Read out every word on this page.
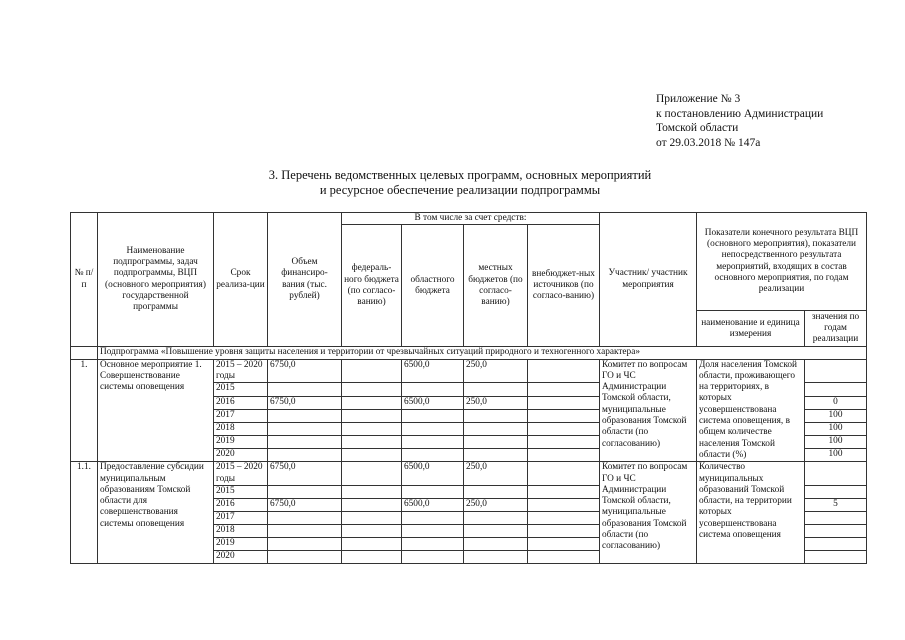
Приложение № 3
к постановлению Администрации
Томской области
от 29.03.2018 № 147а
3. Перечень ведомственных целевых программ, основных мероприятий
и ресурсное обеспечение реализации подпрограммы
№ п/п	Наименование подпрограммы, задач подпрограммы, ВЦП (основного мероприятия) государственной программы	Срок реализа-ции	Объем финансиро-вания (тыс. рублей)	В том числе за счет средств:				Участник/ участник мероприятия	Показатели конечного результата ВЦП (основного мероприятия), показатели непосредственного результата мероприятий, входящих в состав основного мероприятия, по годам реализации	
				федераль-ного бюджета (по согласо-ванию)	областного бюджета	местных бюджетов (по согласо-ванию)	внебюджет-ных источников (по согласо-ванию)			
									наименование и единица измерения	значения по годам реализации
	Подпрограмма «Повышение уровня защиты населения и территории от чрезвычайных ситуаций природного и техногенного характера»									
1.	Основное мероприятие 1. Совершенствование системы оповещения	2015 – 2020 годы	6750,0		6500,0	250,0		Комитет по вопросам ГО и ЧС Администрации Томской области, муниципальные образования Томской области (по согласованию)	Доля населения Томской области, проживающего на территориях, в которых усовершенствована система оповещения, в общем количестве населения Томской области (%)	
		2015								
		2016	6750,0		6500,0	250,0				0
		2017								100
		2018								100
		2019								100
		2020								100
1.1.	Предоставление субсидии муниципальным образованиям Томской области для совершенствования системы оповещения	2015 – 2020 годы	6750,0		6500,0	250,0		Комитет по вопросам ГО и ЧС Администрации Томской области, муниципальные образования Томской области (по согласованию)	Количество муниципальных образований Томской области, на территории которых усовершенствована система оповещения	
		2015								
		2016	6750,0		6500,0	250,0				5
		2017								
		2018								
		2019								
		2020								
